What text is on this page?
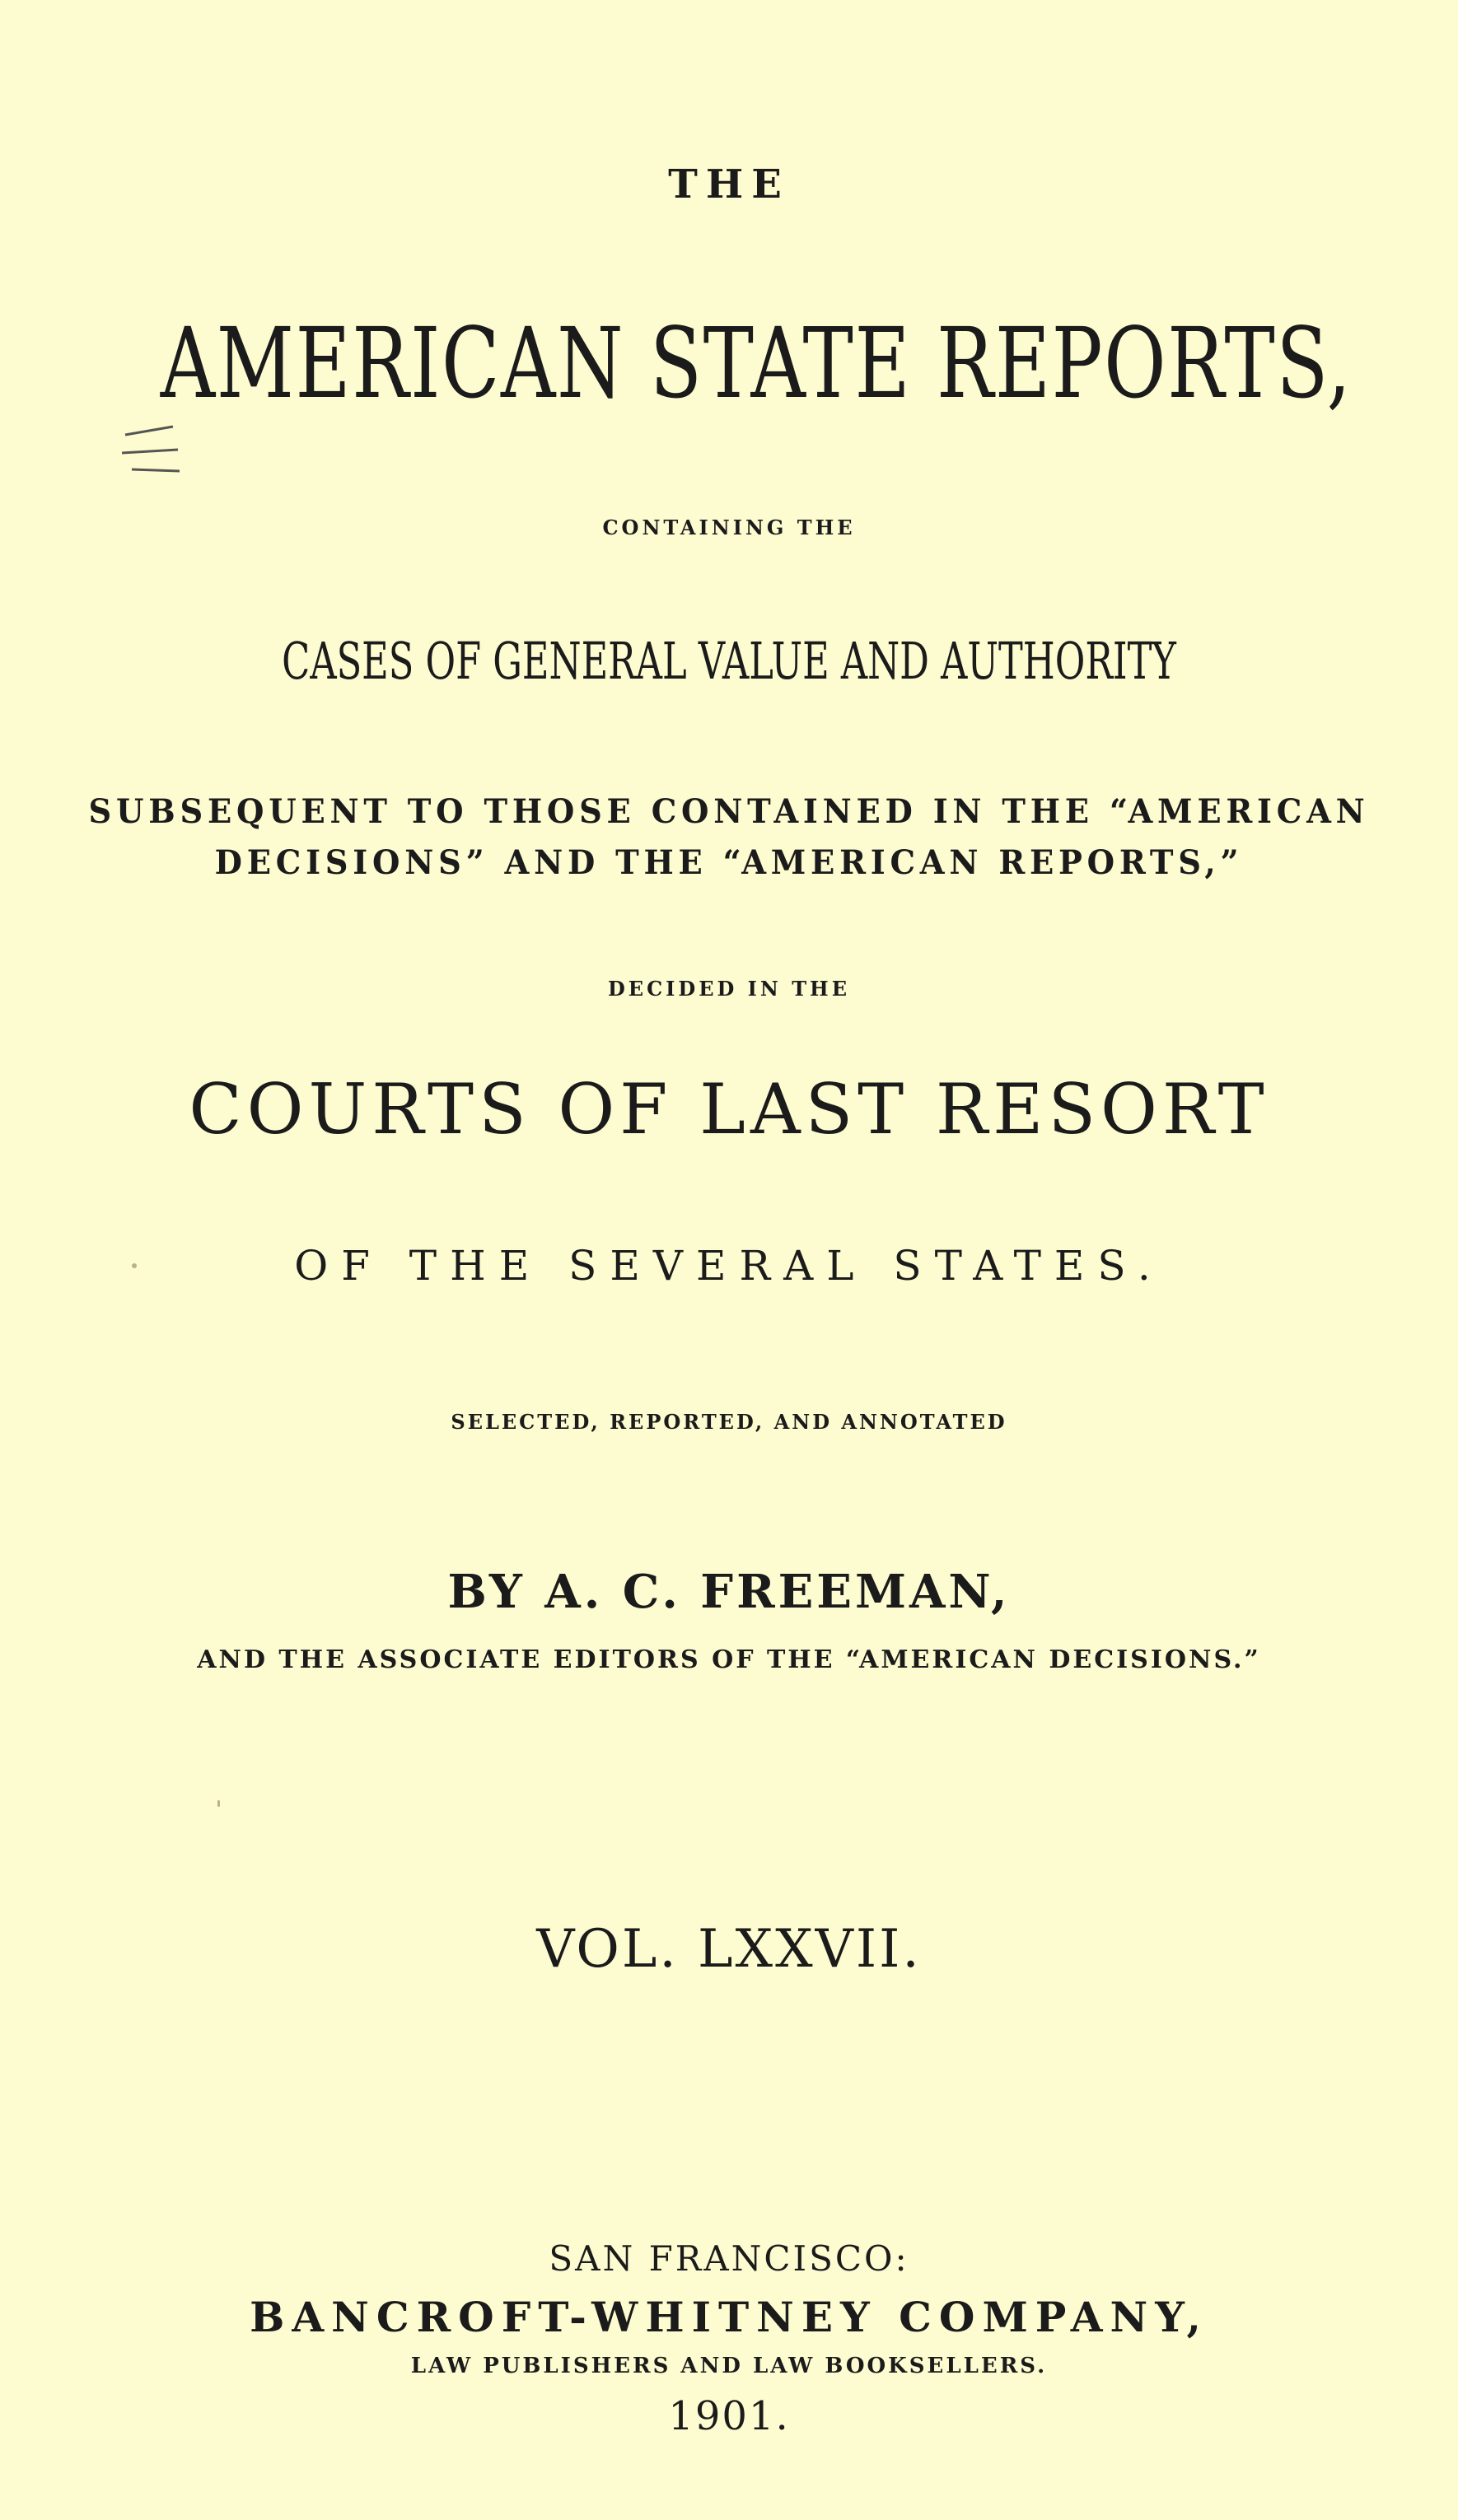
THE
AMERICAN STATE REPORTS,
CONTAINING THE
CASES OF GENERAL VALUE AND AUTHORITY
SUBSEQUENT TO THOSE CONTAINED IN THE “AMERICAN
DECISIONS” AND THE “AMERICAN REPORTS,”
DECIDED IN THE
COURTS OF LAST RESORT
OF THE SEVERAL STATES.
SELECTED, REPORTED, AND ANNOTATED
BY A. C. FREEMAN,
AND THE ASSOCIATE EDITORS OF THE “AMERICAN DECISIONS.”
VOL. LXXVII.
SAN FRANCISCO:
BANCROFT-WHITNEY COMPANY,
LAW PUBLISHERS AND LAW BOOKSELLERS.
1901.
